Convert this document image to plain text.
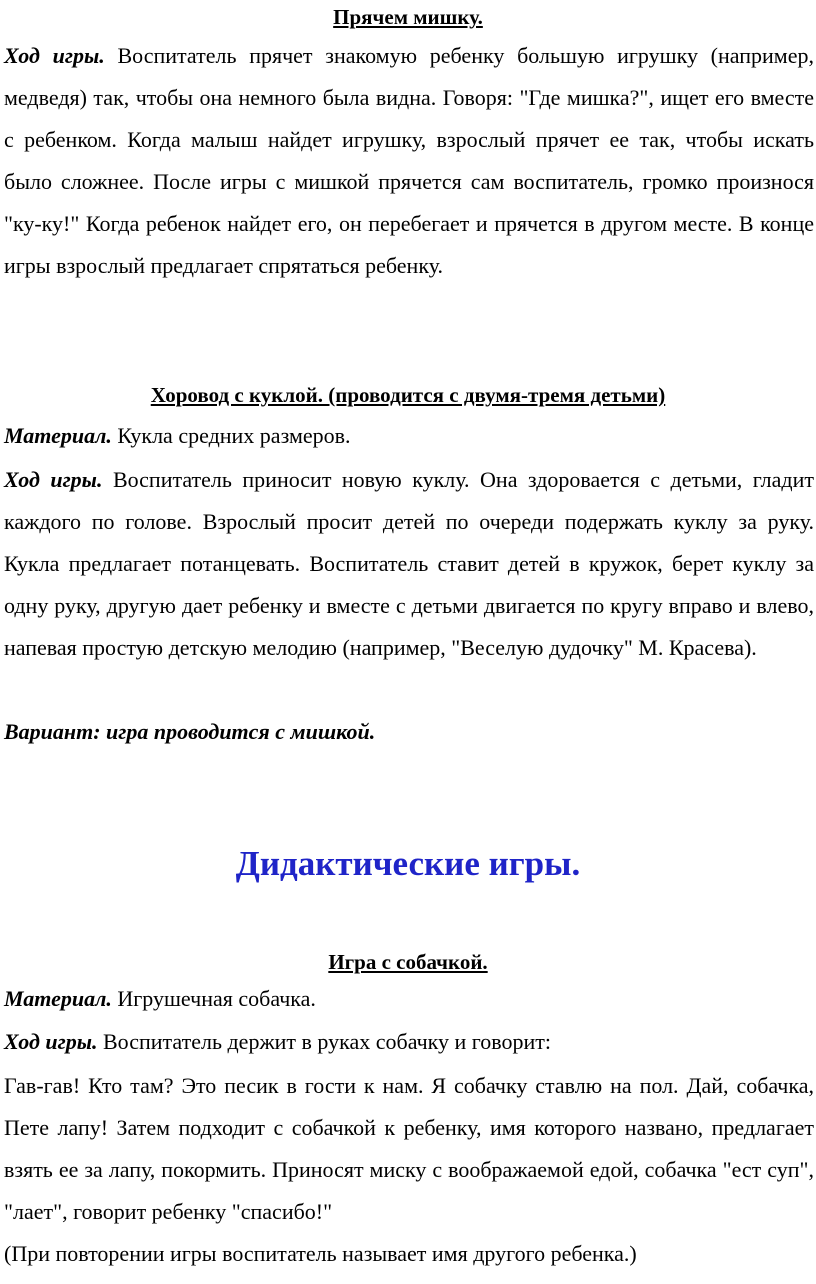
Прячем мишку.

Ход игры. Воспитатель прячет знакомую ребенку большую игрушку (например, медведя) так, чтобы она немного была видна. Говоря: "Где мишка?", ищет его вместе с ребенком. Когда малыш найдет игрушку, взрослый прячет ее так, чтобы искать было сложнее. После игры с мишкой прячется сам воспитатель, громко произнося "ку-ку!" Когда ребенок найдет его, он перебегает и прячется в другом месте. В конце игры взрослый предлагает спрятаться ребенку.

Хоровод с куклой. (проводится с двумя-тремя детьми)

Материал. Кукла средних размеров.

Ход игры. Воспитатель приносит новую куклу. Она здоровается с детьми, гладит каждого по голове. Взрослый просит детей по очереди подержать куклу за руку. Кукла предлагает потанцевать. Воспитатель ставит детей в кружок, берет куклу за одну руку, другую дает ребенку и вместе с детьми двигается по кругу вправо и влево, напевая простую детскую мелодию (например, "Веселую дудочку" М. Красева).

Вариант: игра проводится с мишкой.

Дидактические игры.
Игра с собачкой.

Материал. Игрушечная собачка.

Ход игры. Воспитатель держит в руках собачку и говорит:

Гав-гав! Кто там? Это песик в гости к нам. Я собачку ставлю на пол. Дай, собачка, Пете лапу! Затем подходит с собачкой к ребенку, имя которого названо, предлагает взять ее за лапу, покормить. Приносят миску с воображаемой едой, собачка "ест суп", "лает", говорит ребенку "спасибо!"

(При повторении игры воспитатель называет имя другого ребенка.)
